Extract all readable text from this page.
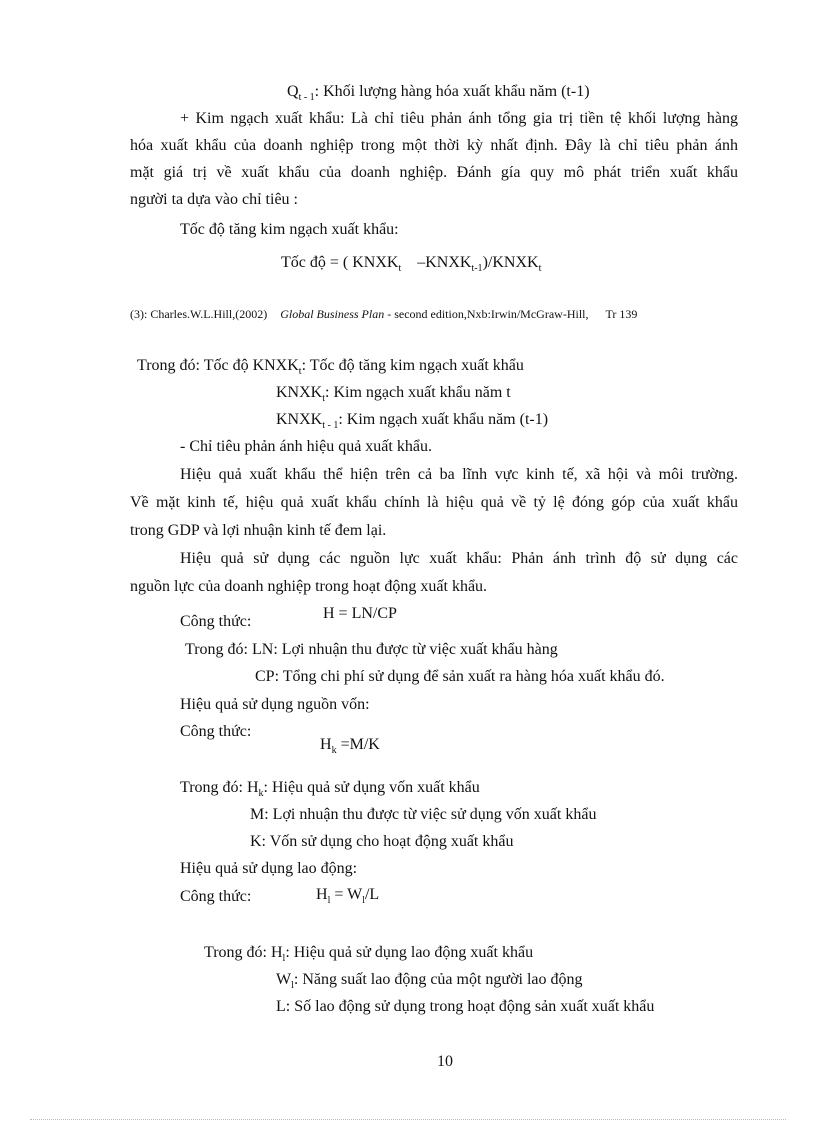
$Q_{t - 1}$: Khối lượng hàng hóa xuất khẩu năm (t-1)
+ Kim ngạch xuất khẩu: Là chỉ tiêu phản ánh tổng gia trị tiền tệ khối lượng hàng
hóa xuất khẩu của doanh nghiệp trong một thời kỳ nhất định. Đây là chỉ tiêu phản ánh
mặt giá trị về xuất khẩu của doanh nghiệp. Đánh gía quy mô phát triển xuất khẩu
người ta dựa vào chỉ tiêu :
Tốc độ tăng kim ngạch xuất khẩu:
Tốc độ = ( $KNXK_t$ $-KNXK_{t-1})/KNXK_t$
(3): Charles.W.L.Hill,(2002) Global Business Plan - second edition,Nxb:Irwin/McGraw-Hill, Tr 139
Trong đó: Tốc độ $KNXK_t$: Tốc độ tăng kim ngạch xuất khẩu
$KNXK_t$: Kim ngạch xuất khẩu năm t
$KNXK_{t - 1}$: Kim ngạch xuất khẩu năm (t-1)
- Chỉ tiêu phản ánh hiệu quả xuất khẩu.
Hiệu quả xuất khẩu thể hiện trên cả ba lĩnh vực kinh tế, xã hội và môi trường.
Về mặt kinh tế, hiệu quả xuất khẩu chính là hiệu quả về tỷ lệ đóng góp của xuất khẩu
trong GDP và lợi nhuận kinh tế đem lại.
Hiệu quả sử dụng các nguồn lực xuất khẩu: Phản ánh trình độ sử dụng các
nguồn lực của doanh nghiệp trong hoạt động xuất khẩu.
Công thức:	H = LN/CP
Trong đó: LN: Lợi nhuận thu được từ việc xuất khẩu hàng
CP: Tổng chi phí sử dụng để sản xuất ra hàng hóa xuất khẩu đó.
Hiệu quả sử dụng nguồn vốn:
Công thức:
$H_k =M/K$
Trong đó: $H_k$: Hiệu quả sử dụng vốn xuất khẩu
M: Lợi nhuận thu được từ việc sử dụng vốn xuất khẩu
K: Vốn sử dụng cho hoạt động xuất khẩu
Hiệu quả sử dụng lao động:
Công thức:	$H_l = W_l/L$
Trong đó: $H_l$: Hiệu quả sử dụng lao động xuất khẩu
$W_l$: Năng suất lao động của một người lao động
L: Số lao động sử dụng trong hoạt động sản xuất xuất khẩu
10
